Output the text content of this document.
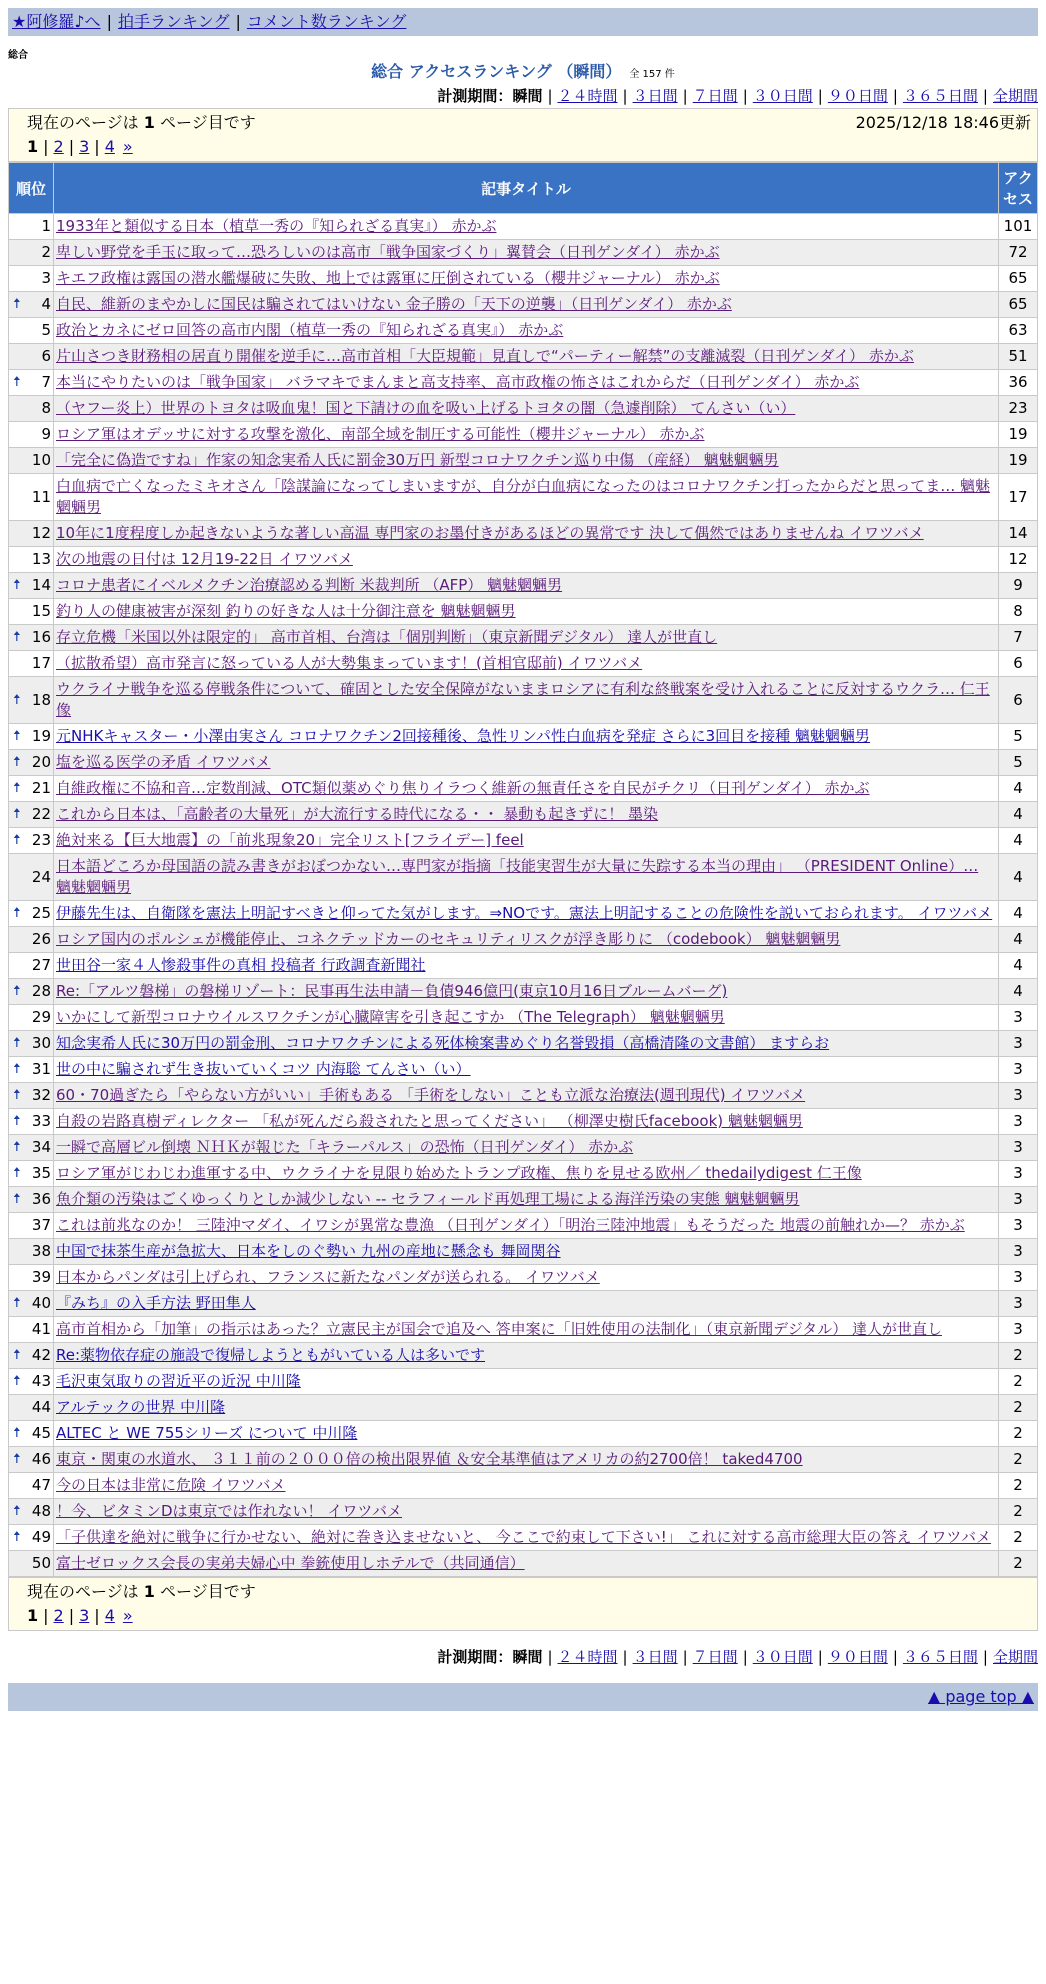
★阿修羅♪へ | 拍手ランキング | コメント数ランキング
総合
総合 アクセスランキング （瞬間） 全 157 件
計測期間：瞬間 | ２４時間 | ３日間 | ７日間 | ３０日間 | ９０日間 | ３６５日間 | 全期間
現在のページは 1 ページ目です	2025/12/18 18:46更新
1 | 2 | 3 | 4 »
順位	記事タイトル	アクセス
1	1933年と類似する日本（植草一秀の『知られざる真実』） 赤かぶ	101
2	卑しい野党を手玉に取って…恐ろしいのは高市「戦争国家づくり」翼賛会（日刊ゲンダイ） 赤かぶ	72
3	キエフ政権は露国の潜水艦爆破に失敗、地上では露軍に圧倒されている（櫻井ジャーナル） 赤かぶ	65

🠅 4	自民、維新のまやかしに国民は騙されてはいけない 金子勝の「天下の逆襲」（日刊ゲンダイ） 赤かぶ	65
5	政治とカネにゼロ回答の高市内閣（植草一秀の『知られざる真実』） 赤かぶ	63
6	片山さつき財務相の居直り開催を逆手に…高市首相「大臣規範」見直しで“パーティー解禁”の支離滅裂（日刊ゲンダイ） 赤かぶ	51

🠅 7	本当にやりたいのは「戦争国家」 バラマキでまんまと高支持率、高市政権の怖さはこれからだ（日刊ゲンダイ） 赤かぶ	36
8	（ヤフー炎上）世界のトヨタは吸血鬼！国と下請けの血を吸い上げるトヨタの闇（急遽削除） てんさい（い）	23
9	ロシア軍はオデッサに対する攻撃を激化、南部全域を制圧する可能性（櫻井ジャーナル） 赤かぶ	19
10	「完全に偽造ですね」作家の知念実希人氏に罰金30万円 新型コロナワクチン巡り中傷 （産経） 魑魅魍魎男	19
11	白血病で亡くなったミキオさん「陰謀論になってしまいますが、自分が白血病になったのはコロナワクチン打ったからだと思ってま… 魑魅魍魎男	17
12	10年に1度程度しか起きないような著しい高温 専門家のお墨付きがあるほどの異常です 決して偶然ではありませんね イワツバメ	14
13	次の地震の日付は 12月19-22日 イワツバメ	12

🠅 14	コロナ患者にイベルメクチン治療認める判断 米裁判所 （AFP） 魑魅魍魎男	9
15	釣り人の健康被害が深刻 釣りの好きな人は十分御注意を 魑魅魍魎男	8

🠅 16	存立危機「米国以外は限定的」 高市首相、台湾は「個別判断」（東京新聞デジタル） 達人が世直し	7
17	（拡散希望）高市発言に怒っている人が大勢集まっています！(首相官邸前) イワツバメ	6

🠅 18	ウクライナ戦争を巡る停戦条件について、確固とした安全保障がないままロシアに有利な終戦案を受け入れることに反対するウクラ… 仁王像	6

🠅 19	元NHKキャスター・小澤由実さん コロナワクチン2回接種後、急性リンパ性白血病を発症 さらに3回目を接種 魑魅魍魎男	5

🠅 20	塩を巡る医学の矛盾 イワツバメ	5

🠅 21	自維政権に不協和音…定数削減、OTC類似薬めぐり焦りイラつく維新の無責任さを自民がチクリ（日刊ゲンダイ） 赤かぶ	4

🠅 22	これから日本は、「高齢者の大量死」が大流行する時代になる・・ 暴動も起きずに！ 墨染	4

🠅 23	絶対来る【巨大地震】の「前兆現象20」完全リスト[フライデー] feel	4
24	日本語どころか母国語の読み書きがおぼつかない…専門家が指摘「技能実習生が大量に失踪する本当の理由」 （PRESIDENT Online）… 魑魅魍魎男	4

🠅 25	伊藤先生は、自衛隊を憲法上明記すべきと仰ってた気がします。⇒NOです。憲法上明記することの危険性を説いておられます。 イワツバメ	4
26	ロシア国内のポルシェが機能停止、コネクテッドカーのセキュリティリスクが浮き彫りに （codebook） 魑魅魍魎男	4
27	世田谷一家４人惨殺事件の真相 投稿者 行政調査新聞社	4

🠅 28	Re:「アルツ磐梯」の磐梯リゾート：民事再生法申請－負債946億円(東京10月16日ブルームバーグ)	4
29	いかにして新型コロナウイルスワクチンが心臓障害を引き起こすか （The Telegraph） 魑魅魍魎男	3

🠅 30	知念実希人氏に30万円の罰金刑、コロナワクチンによる死体検案書めぐり名誉毀損（高橋清隆の文書館） ますらお	3

🠅 31	世の中に騙されず生き抜いていくコツ 内海聡 てんさい（い）	3

🠅 32	60・70過ぎたら「やらない方がいい」手術もある 「手術をしない」ことも立派な治療法(週刊現代) イワツバメ	3

🠅 33	自殺の岩路真樹ディレクター 「私が死んだら殺されたと思ってください」 （柳澤史樹氏facebook) 魑魅魍魎男	3

🠅 34	一瞬で高層ビル倒壊 ＮＨＫが報じた「キラーパルス」の恐怖（日刊ゲンダイ） 赤かぶ	3

🠅 35	ロシア軍がじわじわ進軍する中、ウクライナを見限り始めたトランプ政権、焦りを見せる欧州／ thedailydigest 仁王像	3

🠅 36	魚介類の汚染はごくゆっくりとしか減少しない -- セラフィールド再処理工場による海洋汚染の実態 魑魅魍魎男	3
37	これは前兆なのか！ 三陸沖マダイ、イワシが異常な豊漁 （日刊ゲンダイ）「明治三陸沖地震」もそうだった 地震の前触れか—？ 赤かぶ	3
38	中国で抹茶生産が急拡大、日本をしのぐ勢い 九州の産地に懸念も 舞岡関谷	3
39	日本からパンダは引上げられ、フランスに新たなパンダが送られる。 イワツバメ	3

🠅 40	『みち』の入手方法 野田隼人	3
41	高市首相から「加筆」の指示はあった？立憲民主が国会で追及へ 答申案に「旧姓使用の法制化」（東京新聞デジタル） 達人が世直し	3

🠅 42	Re:薬物依存症の施設で復帰しようともがいている人は多いです	2

🠅 43	毛沢東気取りの習近平の近況 中川隆	2
44	アルテックの世界 中川隆	2

🠅 45	ALTEC と WE 755シリーズ について 中川隆	2

🠅 46	東京・関東の水道水、 ３１１前の２０００倍の検出限界値 ＆安全基準値はアメリカの約2700倍！ taked4700	2
47	今の日本は非常に危険 イワツバメ	2

🠅 48	！今、ビタミンDは東京では作れない！ イワツバメ	2

🠅 49	「子供達を絶対に戦争に行かせない、絶対に巻き込ませないと、 今ここで約束して下さい!」 これに対する高市総理大臣の答え イワツバメ	2
50	富士ゼロックス会長の実弟夫婦心中 拳銃使用しホテルで（共同通信）	2
現在のページは 1 ページ目です
1 | 2 | 3 | 4 »
計測期間：瞬間 | ２４時間 | ３日間 | ７日間 | ３０日間 | ９０日間 | ３６５日間 | 全期間
▲ page top ▲
